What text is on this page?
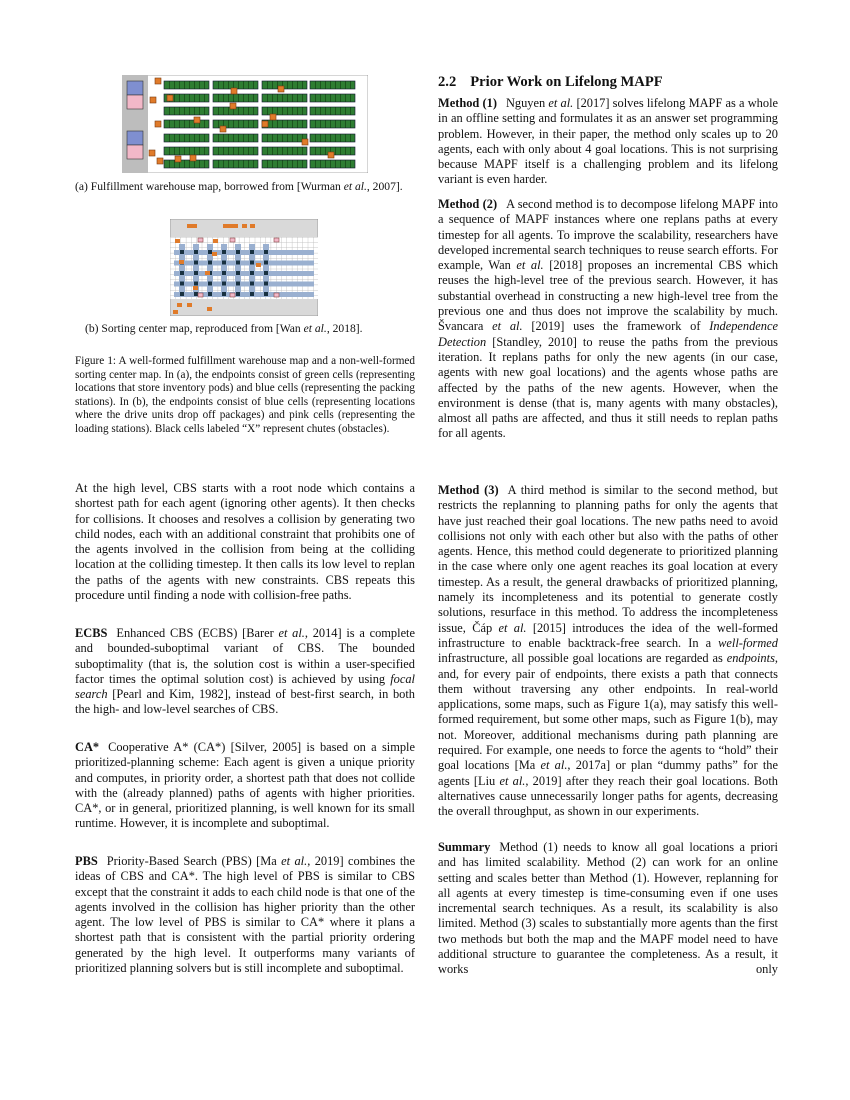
(a) Fulfillment warehouse map, borrowed from [Wurman et al., 2007].
(b) Sorting center map, reproduced from [Wan et al., 2018].
Figure 1: A well-formed fulfillment warehouse map and a non-well-formed sorting center map. In (a), the endpoints consist of green cells (representing locations that store inventory pods) and blue cells (representing the packing stations). In (b), the endpoints consist of blue cells (representing locations where the drive units drop off packages) and pink cells (representing the loading stations). Black cells labeled “X” represent chutes (obstacles).
At the high level, CBS starts with a root node which contains a shortest path for each agent (ignoring other agents). It then checks for collisions. It chooses and resolves a collision by generating two child nodes, each with an additional constraint that prohibits one of the agents involved in the collision from being at the colliding location at the colliding timestep. It then calls its low level to replan the paths of the agents with new constraints. CBS repeats this procedure until finding a node with collision-free paths.
ECBS Enhanced CBS (ECBS) [Barer et al., 2014] is a complete and bounded-suboptimal variant of CBS. The bounded suboptimality (that is, the solution cost is within a user-specified factor times the optimal solution cost) is achieved by using focal search [Pearl and Kim, 1982], instead of best-first search, in both the high- and low-level searches of CBS.
CA* Cooperative A* (CA*) [Silver, 2005] is based on a simple prioritized-planning scheme: Each agent is given a unique priority and computes, in priority order, a shortest path that does not collide with the (already planned) paths of agents with higher priorities. CA*, or in general, prioritized planning, is well known for its small runtime. However, it is incomplete and suboptimal.
PBS Priority-Based Search (PBS) [Ma et al., 2019] combines the ideas of CBS and CA*. The high level of PBS is similar to CBS except that the constraint it adds to each child node is that one of the agents involved in the collision has higher priority than the other agent. The low level of PBS is similar to CA* where it plans a shortest path that is consistent with the partial priority ordering generated by the high level. It outperforms many variants of prioritized planning solvers but is still incomplete and suboptimal.
2.2 Prior Work on Lifelong MAPF
Method (1) Nguyen et al. [2017] solves lifelong MAPF as a whole in an offline setting and formulates it as an answer set programming problem. However, in their paper, the method only scales up to 20 agents, each with only about 4 goal locations. This is not surprising because MAPF itself is a challenging problem and its lifelong variant is even harder.
Method (2) A second method is to decompose lifelong MAPF into a sequence of MAPF instances where one replans paths at every timestep for all agents. To improve the scalability, researchers have developed incremental search techniques to reuse search efforts. For example, Wan et al. [2018] proposes an incremental CBS which reuses the high-level tree of the previous search. However, it has substantial overhead in constructing a new high-level tree from the previous one and thus does not improve the scalability by much. Švancara et al. [2019] uses the framework of Independence Detection [Standley, 2010] to reuse the paths from the previous iteration. It replans paths for only the new agents (in our case, agents with new goal locations) and the agents whose paths are affected by the paths of the new agents. However, when the environment is dense (that is, many agents with many obstacles), almost all paths are affected, and thus it still needs to replan paths for all agents.
Method (3) A third method is similar to the second method, but restricts the replanning to planning paths for only the agents that have just reached their goal locations. The new paths need to avoid collisions not only with each other but also with the paths of other agents. Hence, this method could degenerate to prioritized planning in the case where only one agent reaches its goal location at every timestep. As a result, the general drawbacks of prioritized planning, namely its incompleteness and its potential to generate costly solutions, resurface in this method. To address the incompleteness issue, Čáp et al. [2015] introduces the idea of the well-formed infrastructure to enable backtrack-free search. In a well-formed infrastructure, all possible goal locations are regarded as endpoints, and, for every pair of endpoints, there exists a path that connects them without traversing any other endpoints. In real-world applications, some maps, such as Figure 1(a), may satisfy this well-formed requirement, but some other maps, such as Figure 1(b), may not. Moreover, additional mechanisms during path planning are required. For example, one needs to force the agents to “hold” their goal locations [Ma et al., 2017a] or plan “dummy paths” for the agents [Liu et al., 2019] after they reach their goal locations. Both alternatives cause unnecessarily longer paths for agents, decreasing the overall throughput, as shown in our experiments.
Summary Method (1) needs to know all goal locations a priori and has limited scalability. Method (2) can work for an online setting and scales better than Method (1). However, replanning for all agents at every timestep is time-consuming even if one uses incremental search techniques. As a result, its scalability is also limited. Method (3) scales to substantially more agents than the first two methods but both the map and the MAPF model need to have additional structure to guarantee the completeness. As a result, it works only
